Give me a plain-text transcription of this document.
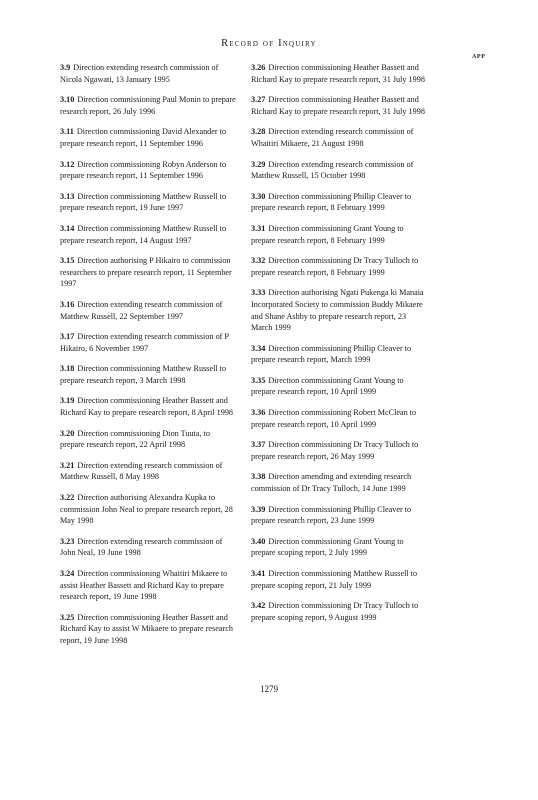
Record of Inquiry
APP
3.9 Direction extending research commission of Nicola Ngawati, 13 January 1995
3.10 Direction commissioning Paul Monin to prepare research report, 26 July 1996
3.11 Direction commissioning David Alexander to prepare research report, 11 September 1996
3.12 Direction commissioning Robyn Anderson to prepare research report, 11 September 1996
3.13 Direction commissioning Matthew Russell to prepare research report, 19 June 1997
3.14 Direction commissioning Matthew Russell to prepare research report, 14 August 1997
3.15 Direction authorising P Hikairo to commission researchers to prepare research report, 11 September 1997
3.16 Direction extending research commission of Matthew Russell, 22 September 1997
3.17 Direction extending research commission of P Hikairo, 6 November 1997
3.18 Direction commissioning Matthew Russell to prepare research report, 3 March 1998
3.19 Direction commissioning Heather Bassett and Richard Kay to prepare research report, 8 April 1998
3.20 Direction commissioning Dion Tuuta, to prepare research report, 22 April 1998
3.21 Direction extending research commission of Matthew Russell, 8 May 1998
3.22 Direction authorising Alexandra Kupka to commission John Neal to prepare research report, 28 May 1998
3.23 Direction extending research commission of John Neal, 19 June 1998
3.24 Direction commissioning Whaitiri Mikaere to assist Heather Bassett and Richard Kay to prepare research report, 19 June 1998
3.25 Direction commissioning Heather Bassett and Richard Kay to assist W Mikaere to prepare research report, 19 June 1998
3.26 Direction commissioning Heather Bassett and Richard Kay to prepare research report, 31 July 1998
3.27 Direction commissioning Heather Bassett and Richard Kay to prepare research report, 31 July 1998
3.28 Direction extending research commission of Whaitiri Mikaere, 21 August 1998
3.29 Direction extending research commission of Matthew Russell, 15 October 1998
3.30 Direction commissioning Phillip Cleaver to prepare research report, 8 February 1999
3.31 Direction commissioning Grant Young to prepare research report, 8 February 1999
3.32 Direction commissioning Dr Tracy Tulloch to prepare research report, 8 February 1999
3.33 Direction authorising Ngati Pukenga ki Manaia Incorporated Society to commission Buddy Mikaere and Shane Ashby to prepare research report, 23 March 1999
3.34 Direction commissioning Phillip Cleaver to prepare research report, March 1999
3.35 Direction commissioning Grant Young to prepare research report, 10 April 1999
3.36 Direction commissioning Robert McClean to prepare research report, 10 April 1999
3.37 Direction commissioning Dr Tracy Tulloch to prepare research report, 26 May 1999
3.38 Direction amending and extending research commission of Dr Tracy Tulloch, 14 June 1999
3.39 Direction commissioning Phillip Cleaver to prepare research report, 23 June 1999
3.40 Direction commissioning Grant Young to prepare scoping report, 2 July 1999
3.41 Direction commissioning Matthew Russell to prepare scoping report, 21 July 1999
3.42 Direction commissioning Dr Tracy Tulloch to prepare scoping report, 9 August 1999
1279
